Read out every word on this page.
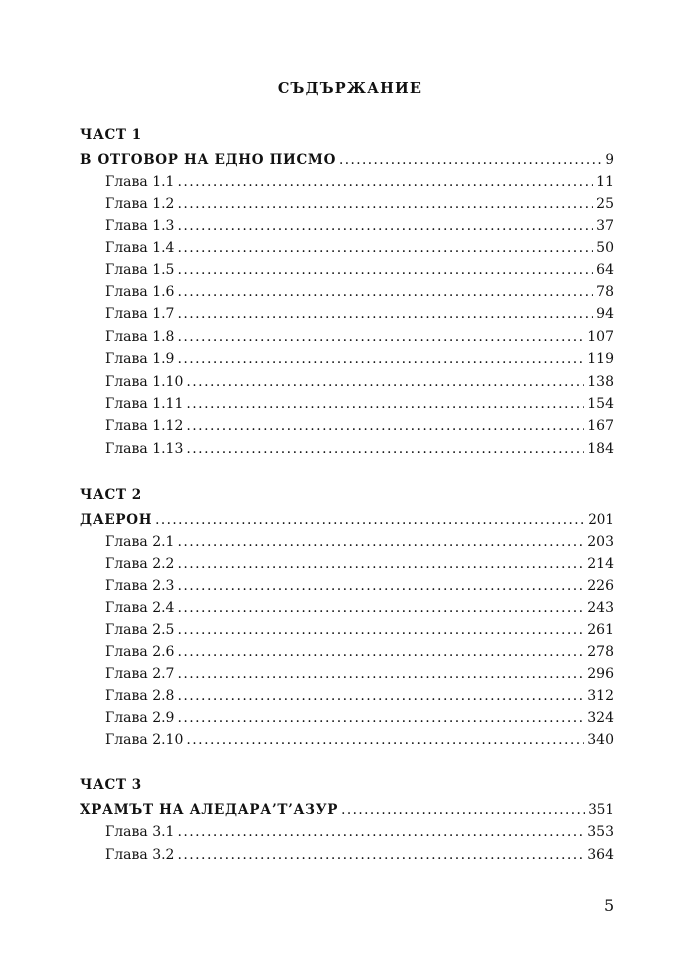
СЪДЪРЖАНИЕ
ЧАСТ 1
В ОТГОВОР НА ЕДНО ПИСМО .....	9
Глава 1.1 .....	11
Глава 1.2 .....	25
Глава 1.3 .....	37
Глава 1.4 .....	50
Глава 1.5 .....	64
Глава 1.6 .....	78
Глава 1.7 .....	94
Глава 1.8 .....	107
Глава 1.9 .....	119
Глава 1.10 .....	138
Глава 1.11 .....	154
Глава 1.12 .....	167
Глава 1.13 .....	184
ЧАСТ 2
ДАЕРОН .....	201
Глава 2.1 .....	203
Глава 2.2 .....	214
Глава 2.3 .....	226
Глава 2.4 .....	243
Глава 2.5 .....	261
Глава 2.6 .....	278
Глава 2.7 .....	296
Глава 2.8 .....	312
Глава 2.9 .....	324
Глава 2.10 .....	340
ЧАСТ 3
ХРАМЪТ НА АЛЕДАРА’Т’АЗУР .....	351
Глава 3.1 .....	353
Глава 3.2 .....	364
5
